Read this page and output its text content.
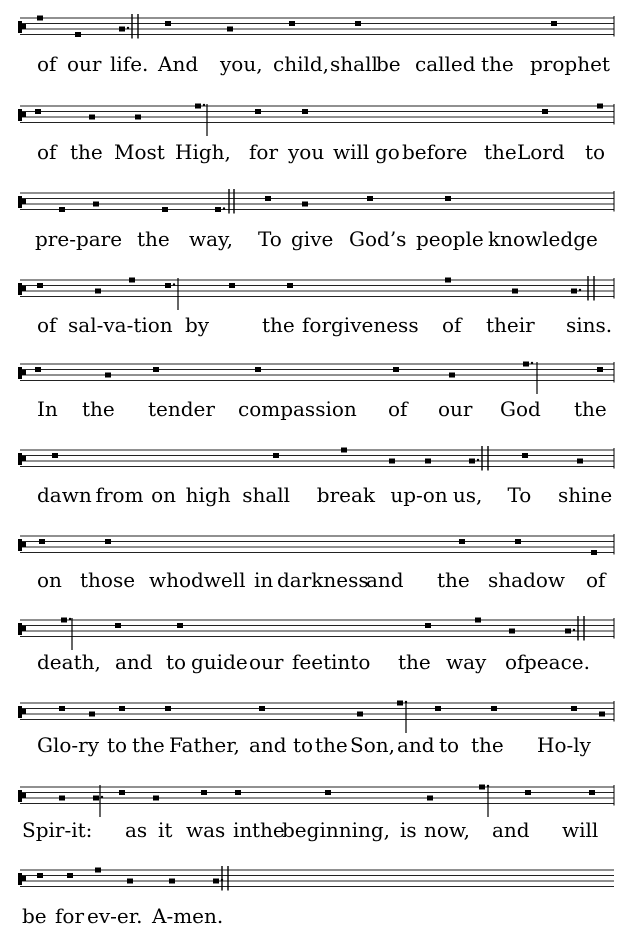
of our life. And you, child, shall
be called the prophet
of the Most High, for you will go before the Lord to
pre-pare the way, To give God’s people knowledge
of sal-va-tion by	the forgiveness of their sins.
In the tender compassion of our God the
dawn from on high shall break up-on us, To shine
on those who dwell in darkness
and the shadow of
death, and to guide our feet into the way of peace.
Glo-ry to the Father, and to the Son, and to the Ho-ly
Spir-it: as it was in the
beginning, is now, and will
be for ev-er. A-men.
